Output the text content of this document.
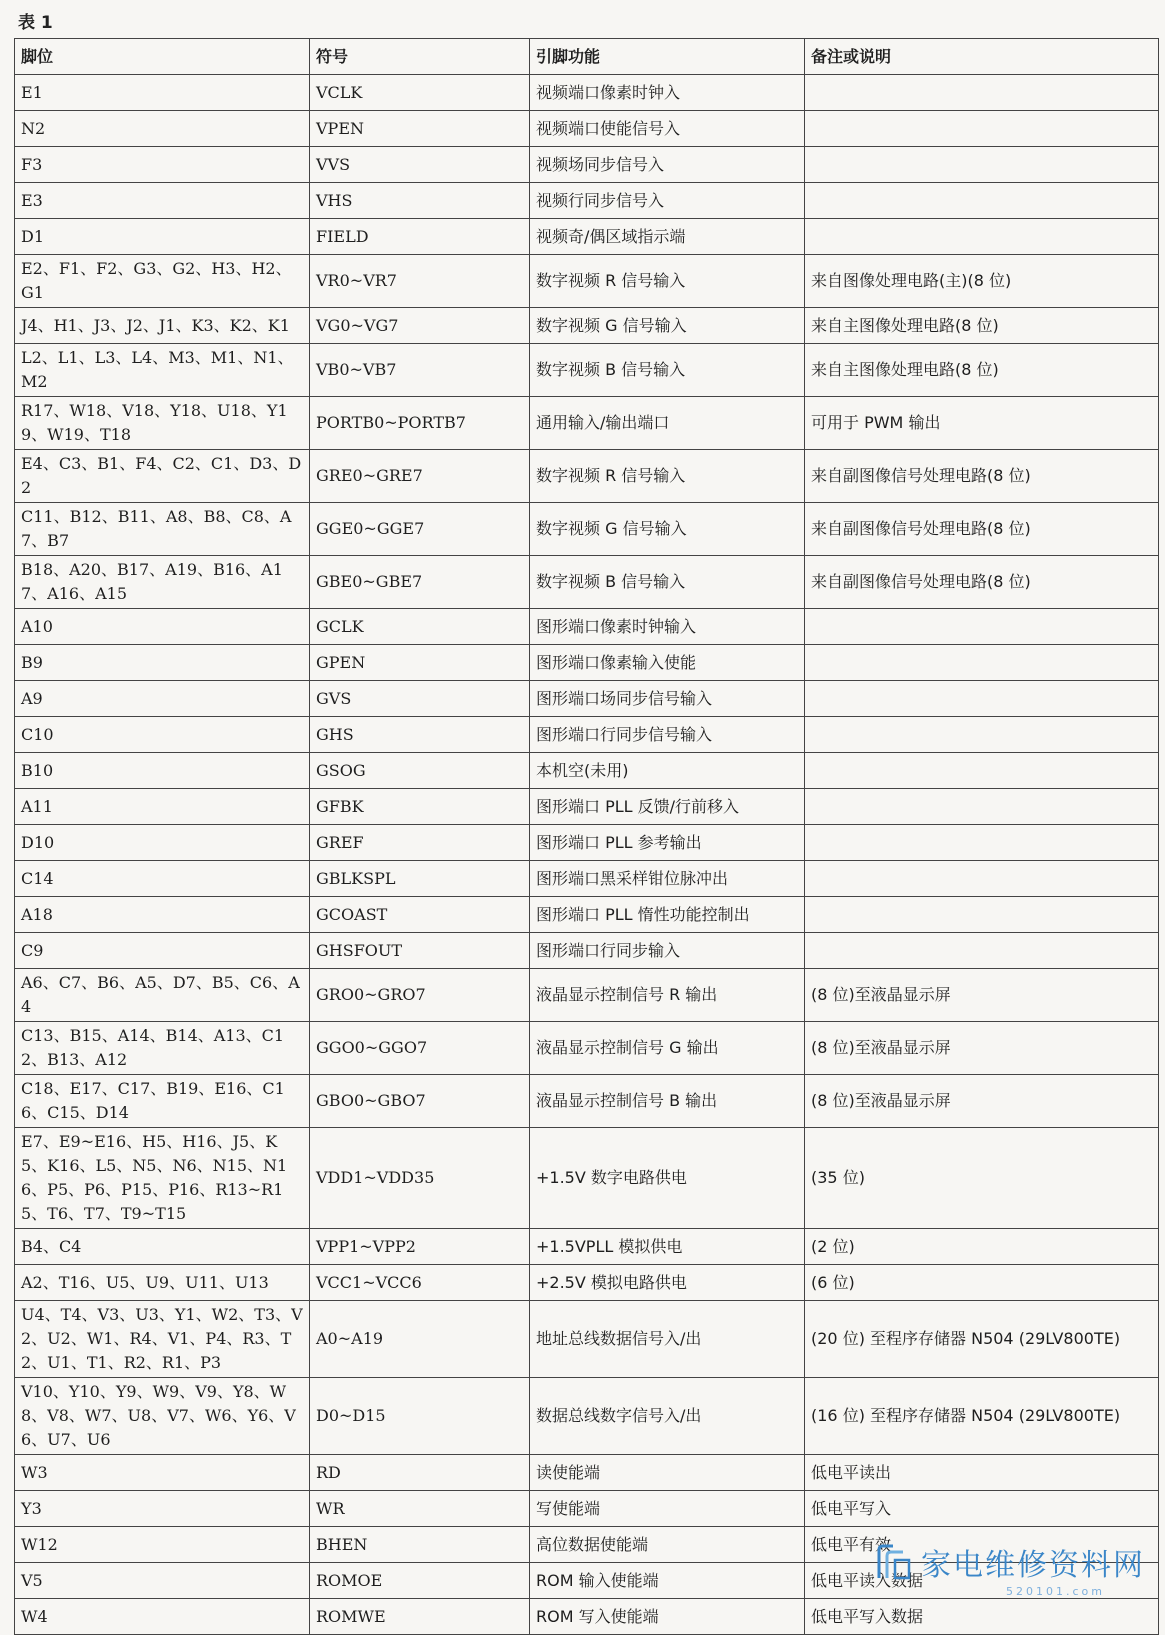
表 1
脚位	符号	引脚功能	备注或说明
E1	VCLK	视频端口像素时钟入	
N2	VPEN	视频端口使能信号入	
F3	VVS	视频场同步信号入	
E3	VHS	视频行同步信号入	
D1	FIELD	视频奇/偶区域指示端	
E2、F1、F2、G3、G2、H3、H2、G1	VR0~VR7	数字视频 R 信号输入	来自图像处理电路(主)(8 位)
J4、H1、J3、J2、J1、K3、K2、K1	VG0~VG7	数字视频 G 信号输入	来自主图像处理电路(8 位)
L2、L1、L3、L4、M3、M1、N1、M2	VB0~VB7	数字视频 B 信号输入	来自主图像处理电路(8 位)
R17、W18、V18、Y18、U18、Y19、W19、T18	PORTB0~PORTB7	通用输入/输出端口	可用于 PWM 输出
E4、C3、B1、F4、C2、C1、D3、D2	GRE0~GRE7	数字视频 R 信号输入	来自副图像信号处理电路(8 位)
C11、B12、B11、A8、B8、C8、A7、B7	GGE0~GGE7	数字视频 G 信号输入	来自副图像信号处理电路(8 位)
B18、A20、B17、A19、B16、A17、A16、A15	GBE0~GBE7	数字视频 B 信号输入	来自副图像信号处理电路(8 位)
A10	GCLK	图形端口像素时钟输入	
B9	GPEN	图形端口像素输入使能	
A9	GVS	图形端口场同步信号输入	
C10	GHS	图形端口行同步信号输入	
B10	GSOG	本机空(未用)	
A11	GFBK	图形端口 PLL 反馈/行前移入	
D10	GREF	图形端口 PLL 参考输出	
C14	GBLKSPL	图形端口黑采样钳位脉冲出	
A18	GCOAST	图形端口 PLL 惰性功能控制出	
C9	GHSFOUT	图形端口行同步输入	
A6、C7、B6、A5、D7、B5、C6、A4	GRO0~GRO7	液晶显示控制信号 R 输出	(8 位)至液晶显示屏
C13、B15、A14、B14、A13、C12、B13、A12	GGO0~GGO7	液晶显示控制信号 G 输出	(8 位)至液晶显示屏
C18、E17、C17、B19、E16、C16、C15、D14	GBO0~GBO7	液晶显示控制信号 B 输出	(8 位)至液晶显示屏
E7、E9~E16、H5、H16、J5、K5、K16、L5、N5、N6、N15、N16、P5、P6、P15、P16、R13~R15、T6、T7、T9~T15	VDD1~VDD35	+1.5V 数字电路供电	(35 位)
B4、C4	VPP1~VPP2	+1.5VPLL 模拟供电	(2 位)
A2、T16、U5、U9、U11、U13	VCC1~VCC6	+2.5V 模拟电路供电	(6 位)
U4、T4、V3、U3、Y1、W2、T3、V2、U2、W1、R4、V1、P4、R3、T2、U1、T1、R2、R1、P3	A0~A19	地址总线数据信号入/出	(20 位) 至程序存储器 N504 (29LV800TE)
V10、Y10、Y9、W9、V9、Y8、W8、V8、W7、U8、V7、W6、Y6、V6、U7、U6	D0~D15	数据总线数字信号入/出	(16 位) 至程序存储器 N504 (29LV800TE)
W3	RD	读使能端	低电平读出
Y3	WR	写使能端	低电平写入
W12	BHEN	高位数据使能端	低电平有效
V5	ROMOE	ROM 输入使能端	低电平读入数据
W4	ROMWE	ROM 写入使能端	低电平写入数据
家电维修资料网
520101.com
